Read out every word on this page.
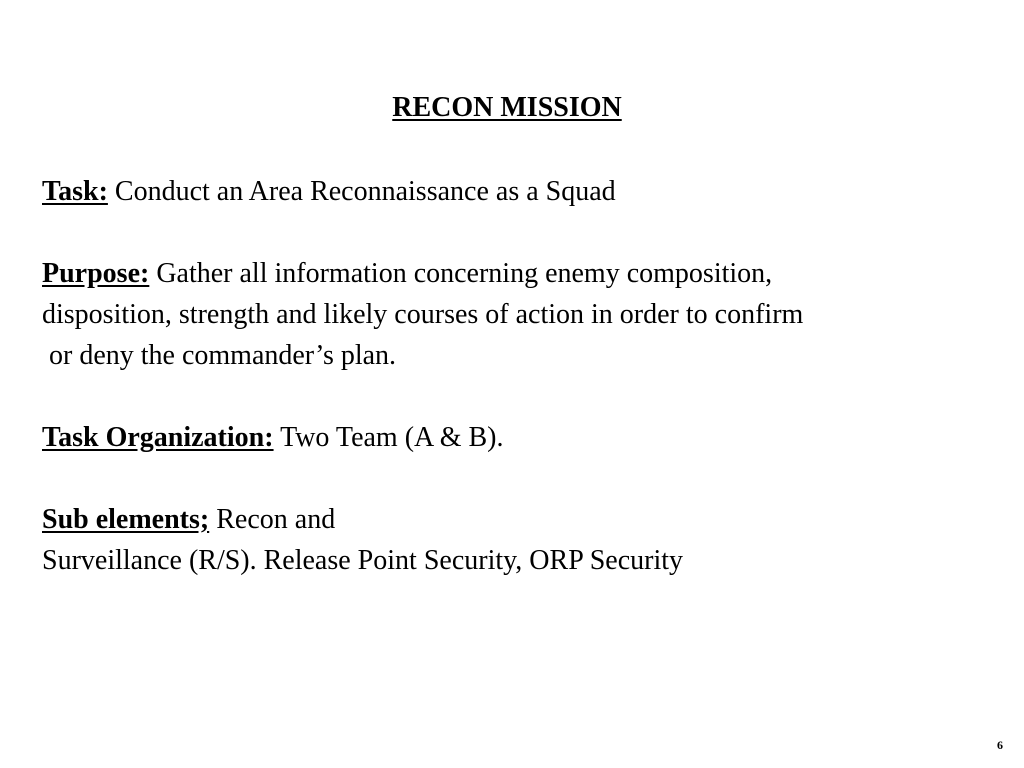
RECON MISSION

Task: Conduct an Area Reconnaissance as a Squad

Purpose: Gather all information concerning enemy composition,
disposition, strength and likely courses of action in order to confirm
or deny the commander’s plan.

Task Organization: Two Team (A & B).

Sub elements; Recon and
Surveillance (R/S). Release Point Security, ORP Security

6
